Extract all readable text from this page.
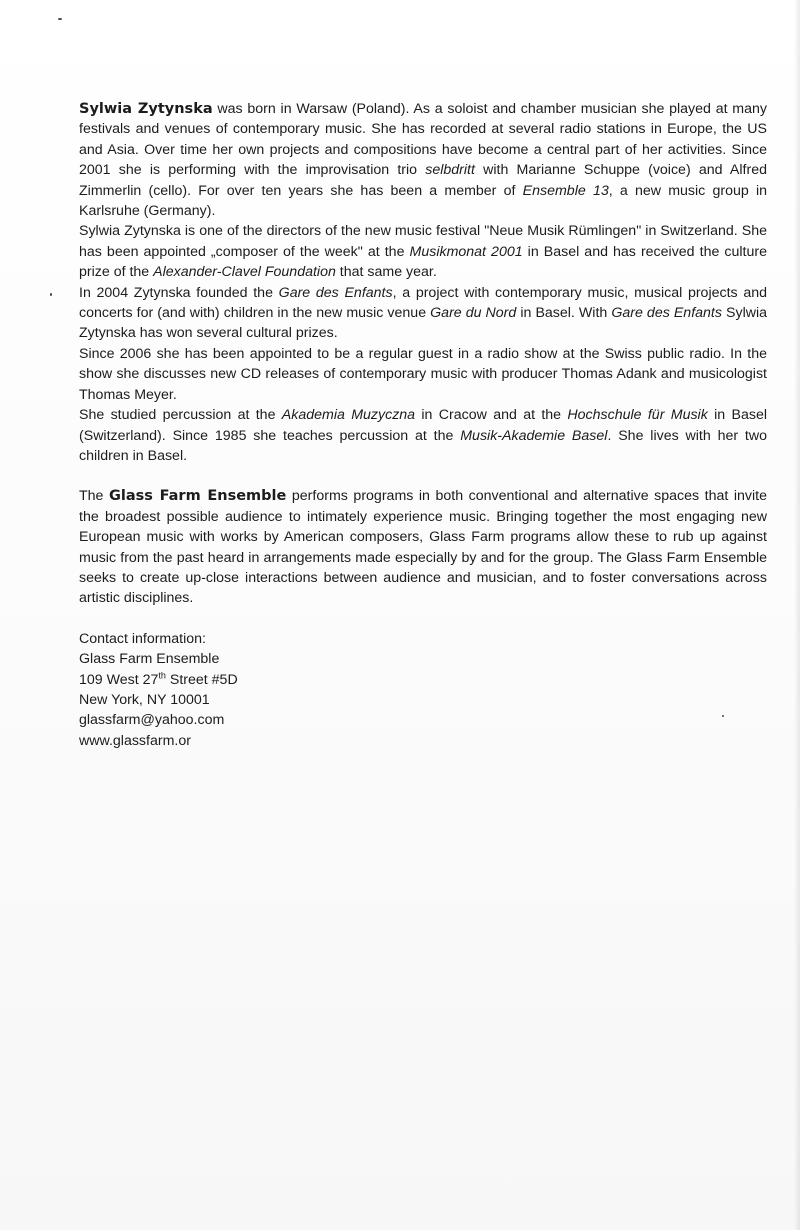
Sylwia Zytynska was born in Warsaw (Poland). As a soloist and chamber musician she played at many festivals and venues of contemporary music. She has recorded at several radio stations in Europe, the US and Asia. Over time her own projects and compositions have become a central part of her activities. Since 2001 she is performing with the improvisation trio selbdritt with Marianne Schuppe (voice) and Alfred Zimmerlin (cello). For over ten years she has been a member of Ensemble 13, a new music group in Karlsruhe (Germany).

Sylwia Zytynska is one of the directors of the new music festival "Neue Musik Rümlingen" in Switzerland. She has been appointed „composer of the week" at the Musikmonat 2001 in Basel and has received the culture prize of the Alexander-Clavel Foundation that same year.

In 2004 Zytynska founded the Gare des Enfants, a project with contemporary music, musical projects and concerts for (and with) children in the new music venue Gare du Nord in Basel. With Gare des Enfants Sylwia Zytynska has won several cultural prizes.

Since 2006 she has been appointed to be a regular guest in a radio show at the Swiss public radio. In the show she discusses new CD releases of contemporary music with producer Thomas Adank and musicologist Thomas Meyer.

She studied percussion at the Akademia Muzyczna in Cracow and at the Hochschule für Musik in Basel (Switzerland). Since 1985 she teaches percussion at the Musik-Akademie Basel. She lives with her two children in Basel.

The Glass Farm Ensemble performs programs in both conventional and alternative spaces that invite the broadest possible audience to intimately experience music. Bringing together the most engaging new European music with works by American composers, Glass Farm programs allow these to rub up against music from the past heard in arrangements made especially by and for the group. The Glass Farm Ensemble seeks to create up-close interactions between audience and musician, and to foster conversations across artistic disciplines.

Contact information:

Glass Farm Ensemble

109 West 27th Street #5D

New York, NY 10001

glassfarm@yahoo.com

www.glassfarm.or
